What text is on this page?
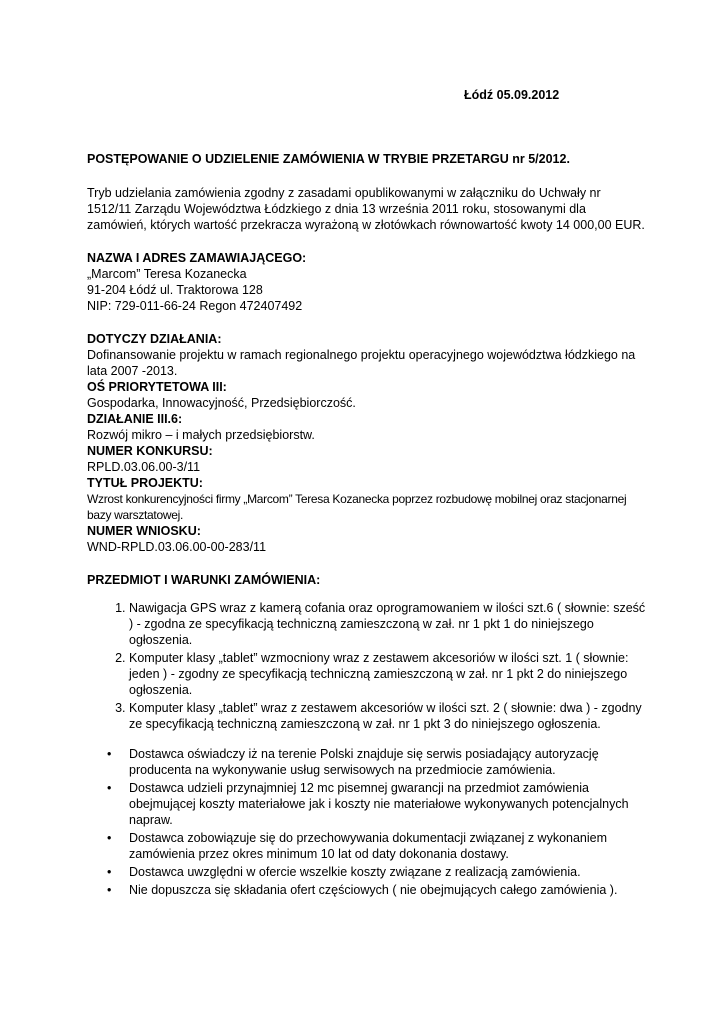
Łódź 05.09.2012

POSTĘPOWANIE O UDZIELENIE ZAMÓWIENIA W TRYBIE PRZETARGU nr 5/2012.

Tryb udzielania zamówienia zgodny z zasadami opublikowanymi w załączniku do Uchwały nr 1512/11 Zarządu Województwa Łódzkiego z dnia 13 września 2011 roku, stosowanymi dla zamówień, których wartość przekracza wyrażoną w złotówkach równowartość kwoty 14 000,00 EUR.

NAZWA I ADRES ZAMAWIAJĄCEGO:

„Marcom” Teresa Kozanecka

91-204 Łódź ul. Traktorowa 128

NIP: 729-011-66-24 Regon 472407492

DOTYCZY DZIAŁANIA:

Dofinansowanie projektu w ramach regionalnego projektu operacyjnego województwa łódzkiego na lata 2007 -2013.

OŚ PRIORYTETOWA III:

Gospodarka, Innowacyjność, Przedsiębiorczość.

DZIAŁANIE III.6:

Rozwój mikro – i małych przedsiębiorstw.

NUMER KONKURSU:

RPLD.03.06.00-3/11

TYTUŁ PROJEKTU:

Wzrost konkurencyjności firmy „Marcom” Teresa Kozanecka poprzez rozbudowę mobilnej oraz stacjonarnej bazy warsztatowej.

NUMER WNIOSKU:

WND-RPLD.03.06.00-00-283/11

PRZEDMIOT I WARUNKI ZAMÓWIENIA:

1. Nawigacja GPS wraz z kamerą cofania oraz oprogramowaniem w ilości szt.6 ( słownie: sześć ) - zgodna ze specyfikacją techniczną zamieszczoną w zał. nr 1 pkt 1 do niniejszego ogłoszenia.
2. Komputer klasy „tablet” wzmocniony wraz z zestawem akcesoriów w ilości szt. 1 ( słownie: jeden ) - zgodny ze specyfikacją techniczną zamieszczoną w zał. nr 1 pkt 2 do niniejszego ogłoszenia.
3. Komputer klasy „tablet” wraz z zestawem akcesoriów w ilości szt. 2 ( słownie: dwa ) - zgodny ze specyfikacją techniczną zamieszczoną w zał. nr 1 pkt 3 do niniejszego ogłoszenia.
• Dostawca oświadczy iż na terenie Polski znajduje się serwis posiadający autoryzację producenta na wykonywanie usług serwisowych na przedmiocie zamówienia.
• Dostawca udzieli przynajmniej 12 mc pisemnej gwarancji na przedmiot zamówienia obejmującej koszty materiałowe jak i koszty nie materiałowe wykonywanych potencjalnych napraw.
• Dostawca zobowiązuje się do przechowywania dokumentacji związanej z wykonaniem zamówienia przez okres minimum 10 lat od daty dokonania dostawy.
• Dostawca uwzględni w ofercie wszelkie koszty związane z realizacją zamówienia.
• Nie dopuszcza się składania ofert częściowych ( nie obejmujących całego zamówienia ).
